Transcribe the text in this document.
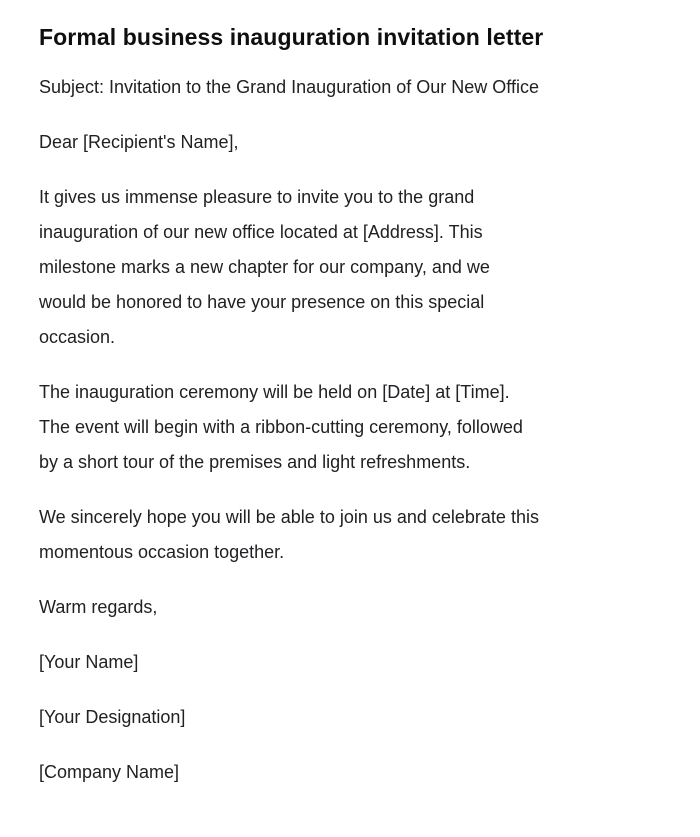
Formal business inauguration invitation letter

Subject: Invitation to the Grand Inauguration of Our New Office

Dear [Recipient's Name],

It gives us immense pleasure to invite you to the grand
inauguration of our new office located at [Address]. This
milestone marks a new chapter for our company, and we
would be honored to have your presence on this special
occasion.

The inauguration ceremony will be held on [Date] at [Time].
The event will begin with a ribbon-cutting ceremony, followed
by a short tour of the premises and light refreshments.

We sincerely hope you will be able to join us and celebrate this
momentous occasion together.

Warm regards,

[Your Name]

[Your Designation]

[Company Name]
